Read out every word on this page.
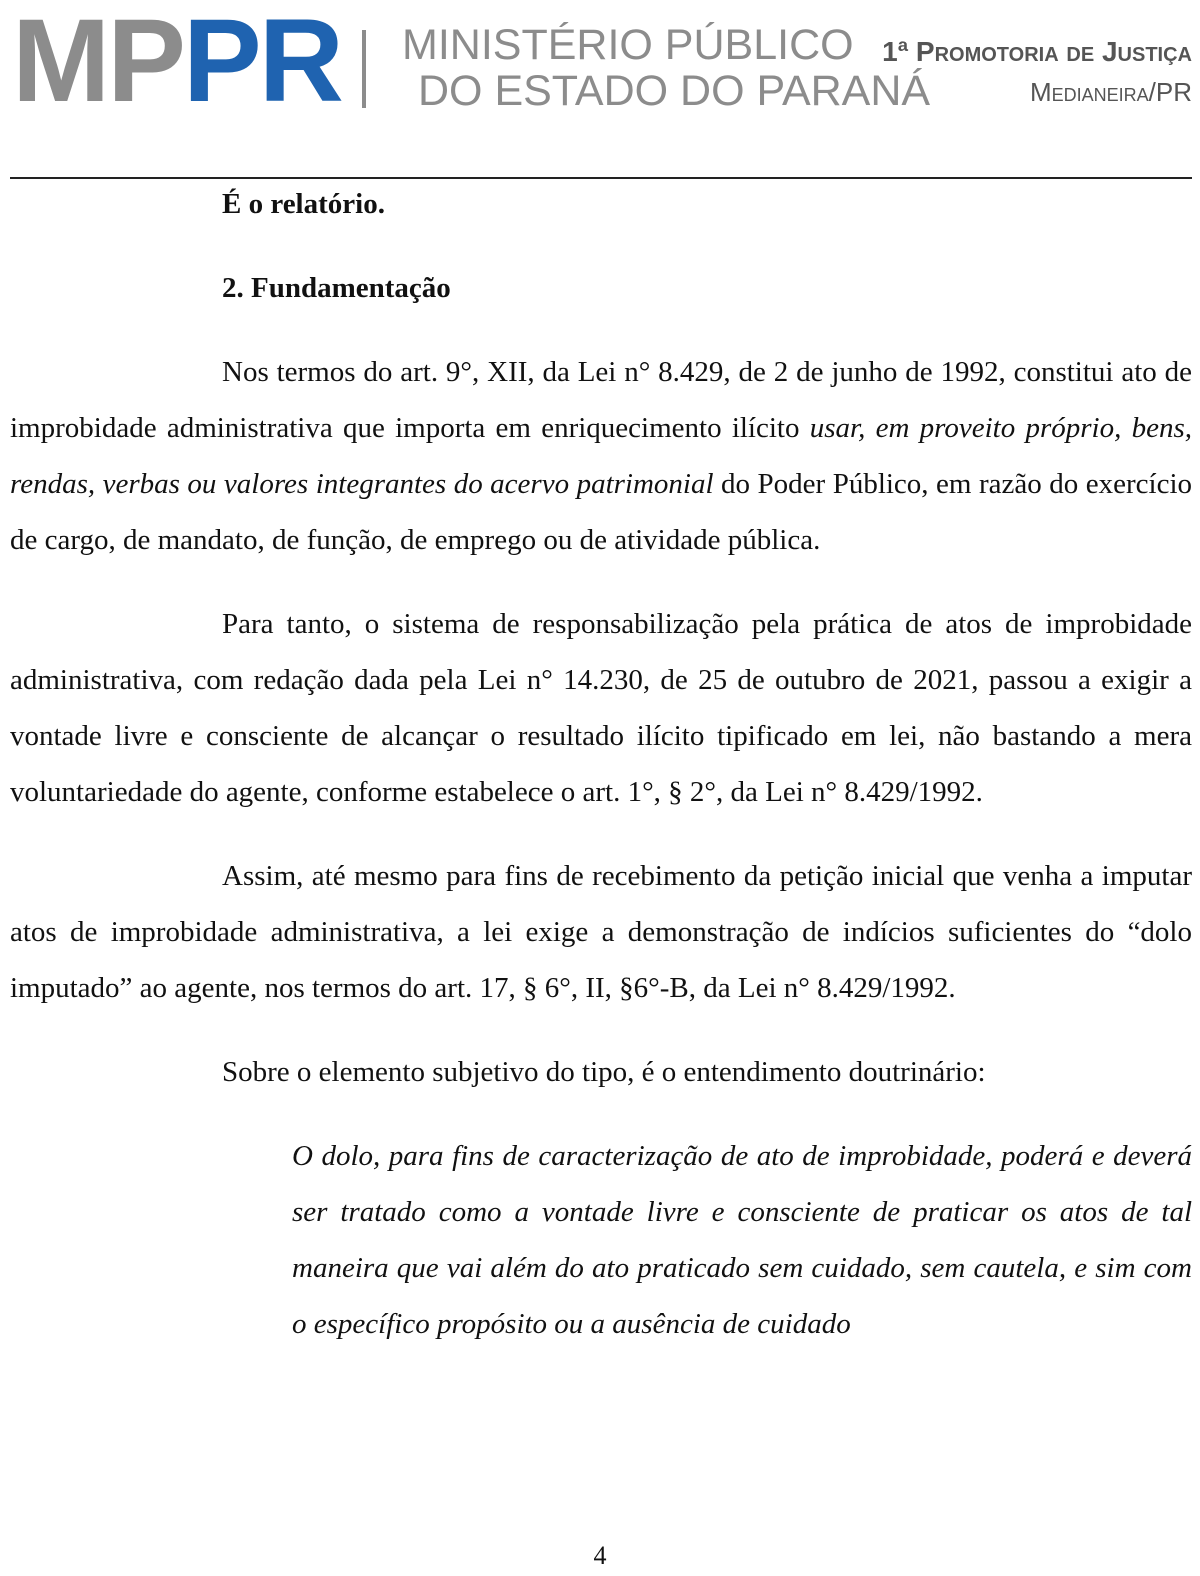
MPPR MINISTÉRIO PÚBLICO
DO ESTADO DO PARANÁ
1ª Promotoria de Justiça
Medianeira/PR

É o relatório.

2. Fundamentação

Nos termos do art. 9°, XII, da Lei n° 8.429, de 2 de junho de 1992, constitui ato de improbidade administrativa que importa em enriquecimento ilícito usar, em proveito próprio, bens, rendas, verbas ou valores integrantes do acervo patrimonial do Poder Público, em razão do exercício de cargo, de mandato, de função, de emprego ou de atividade pública.

Para tanto, o sistema de responsabilização pela prática de atos de improbidade administrativa, com redação dada pela Lei n° 14.230, de 25 de outubro de 2021, passou a exigir a vontade livre e consciente de alcançar o resultado ilícito tipificado em lei, não bastando a mera voluntariedade do agente, conforme estabelece o art. 1°, § 2°, da Lei n° 8.429/1992.

Assim, até mesmo para fins de recebimento da petição inicial que venha a imputar atos de improbidade administrativa, a lei exige a demonstração de indícios suficientes do “dolo imputado” ao agente, nos termos do art. 17, § 6°, II, §6°-B, da Lei n° 8.429/1992.

Sobre o elemento subjetivo do tipo, é o entendimento doutrinário:

O dolo, para fins de caracterização de ato de improbidade, poderá e deverá ser tratado como a vontade livre e consciente de praticar os atos de tal maneira que vai além do ato praticado sem cuidado, sem cautela, e sim com o específico propósito ou a ausência de cuidado

4
